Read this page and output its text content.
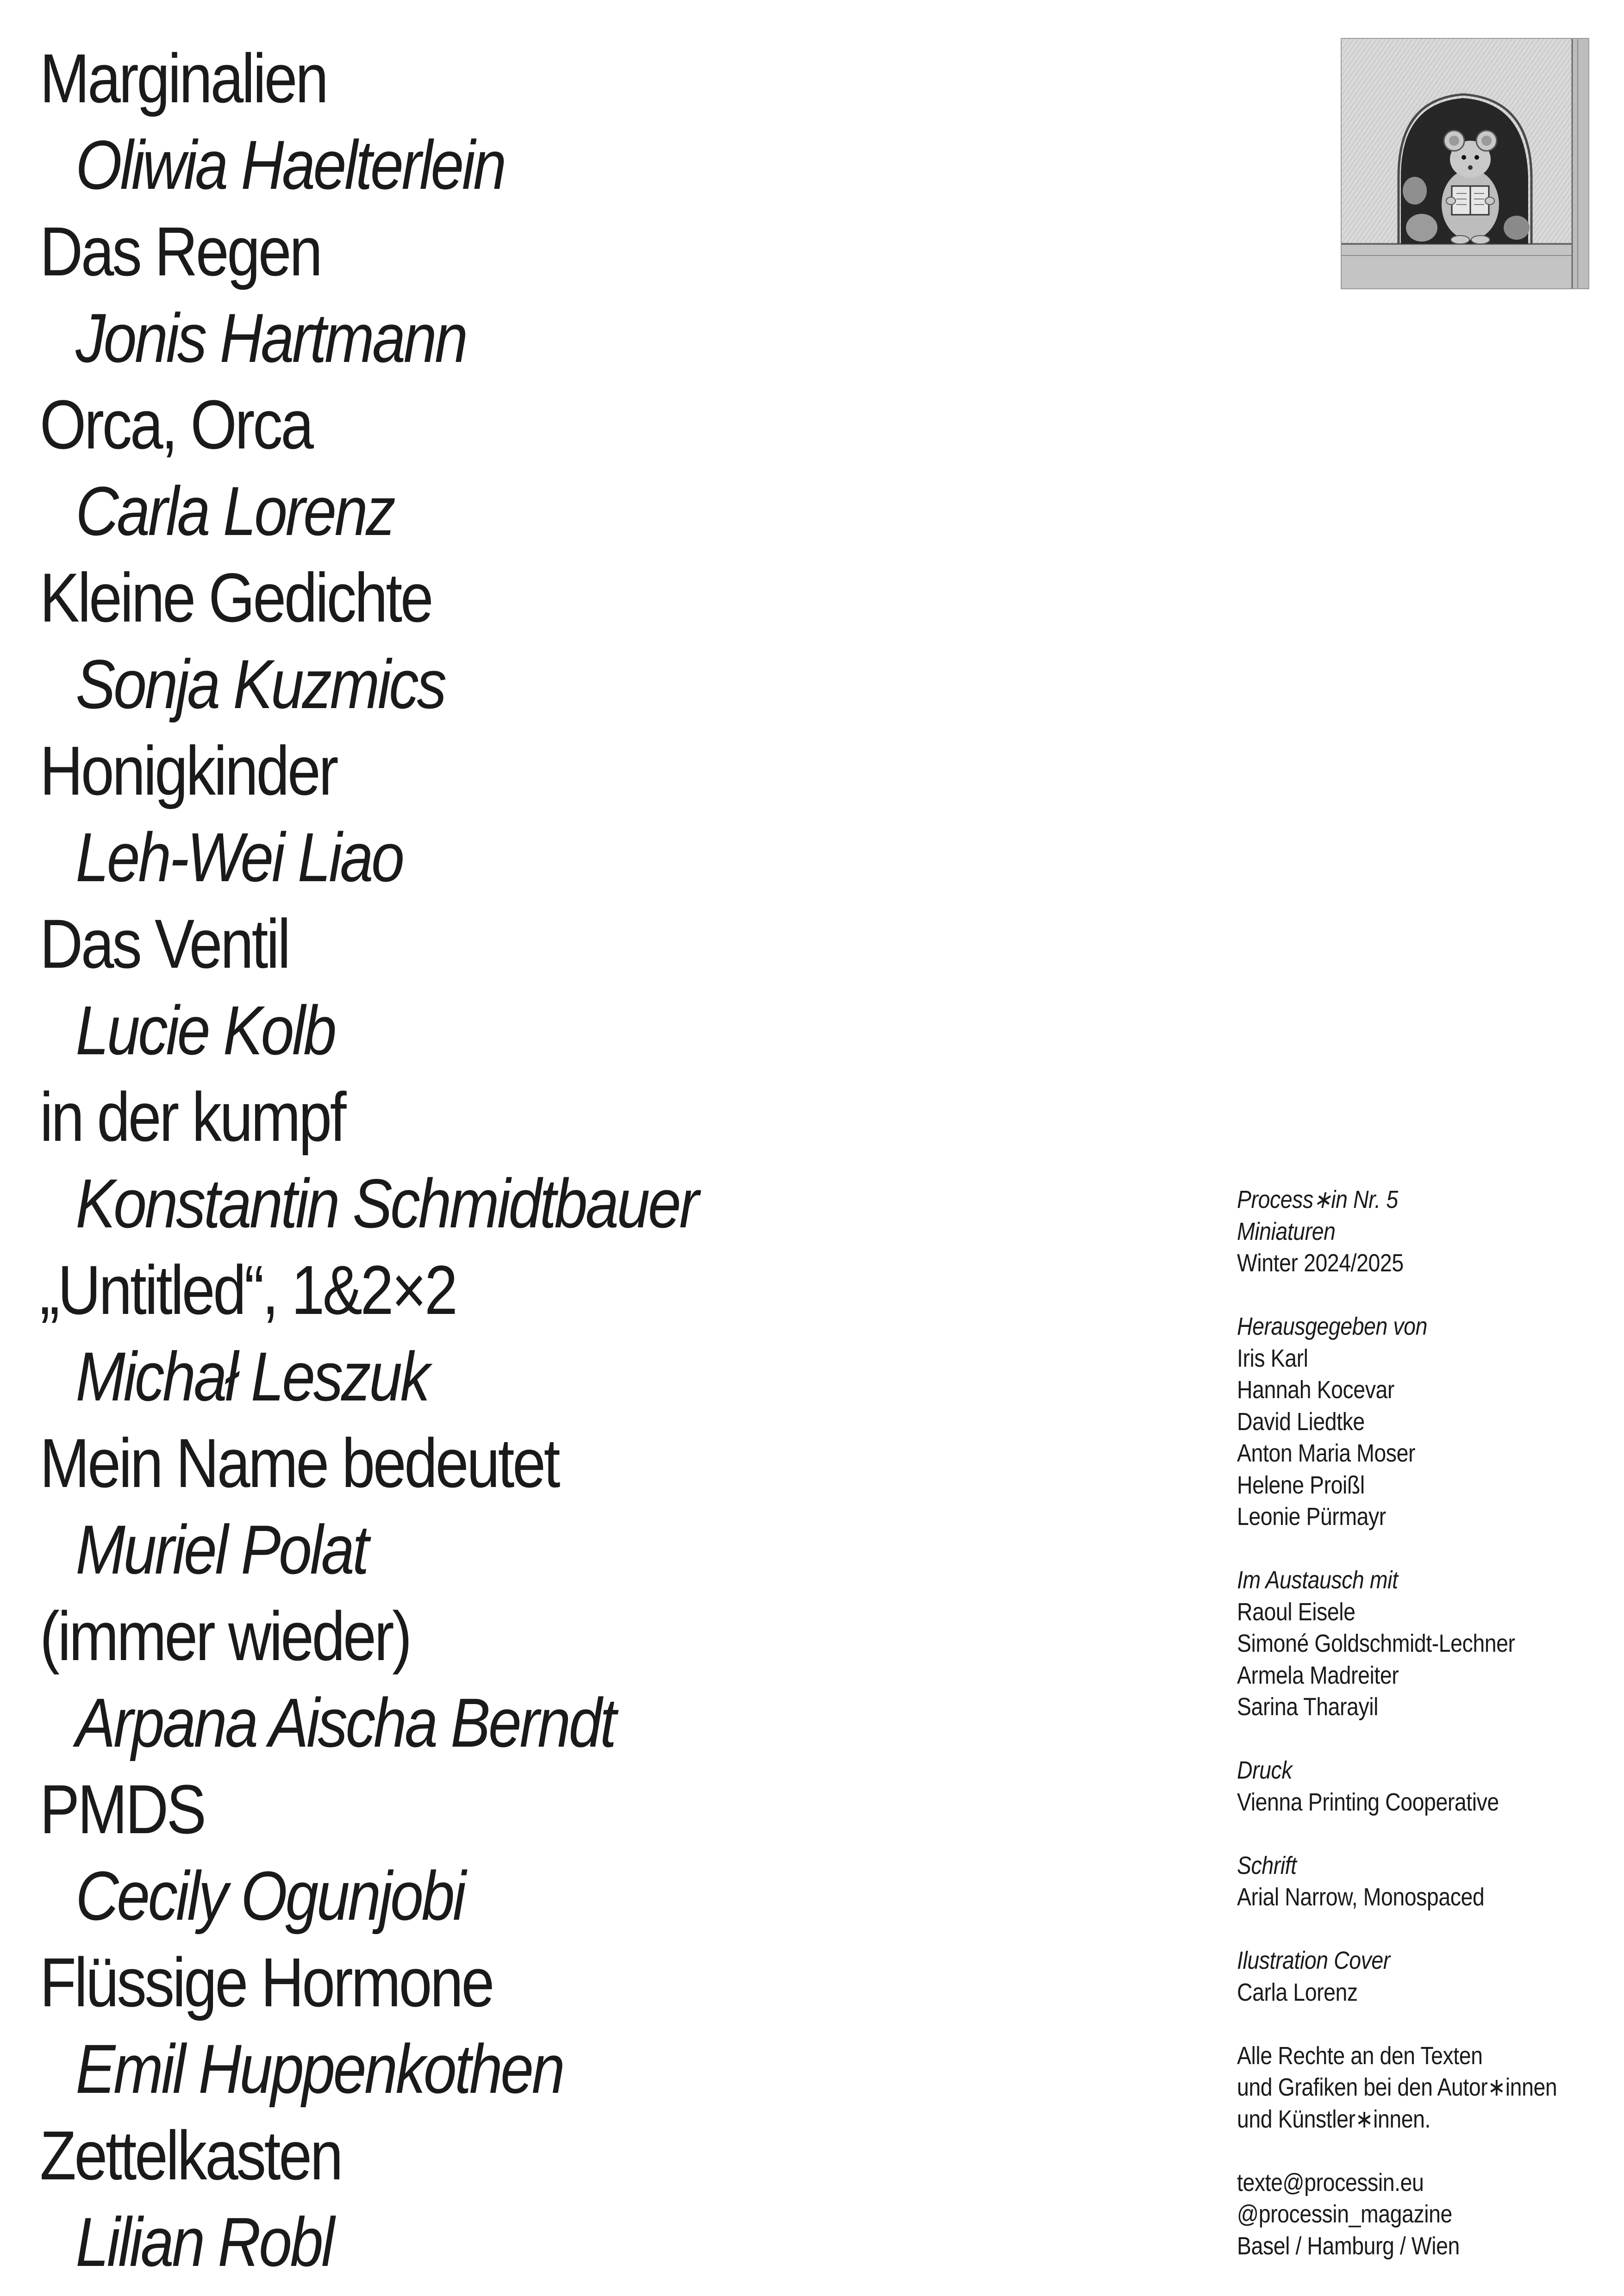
Marginalien
Oliwia Haelterlein
Das Regen
Jonis Hartmann
Orca, Orca
Carla Lorenz
Kleine Gedichte
Sonja Kuzmics
Honigkinder
Leh-Wei Liao
Das Ventil
Lucie Kolb
in der kumpf
Konstantin Schmidtbauer
„Untitled“, 1&2×2
Michał Leszuk
Mein Name bedeutet
Muriel Polat
(immer wieder)
Arpana Aischa Berndt
PMDS
Cecily Ogunjobi
Flüssige Hormone
Emil Huppenkothen
Zettelkasten
Lilian Robl
Process∗in Nr. 5
Miniaturen
Winter 2024/2025
Herausgegeben von
Iris Karl
Hannah Kocevar
David Liedtke
Anton Maria Moser
Helene Proißl
Leonie Pürmayr
Im Austausch mit
Raoul Eisele
Simoné Goldschmidt-Lechner
Armela Madreiter
Sarina Tharayil
Druck
Vienna Printing Cooperative
Schrift
Arial Narrow, Monospaced
Ilustration Cover
Carla Lorenz
Alle Rechte an den Texten
und Grafiken bei den Autor∗innen
und Künstler∗innen.
texte@processin.eu
@processin_magazine
Basel / Hamburg / Wien
